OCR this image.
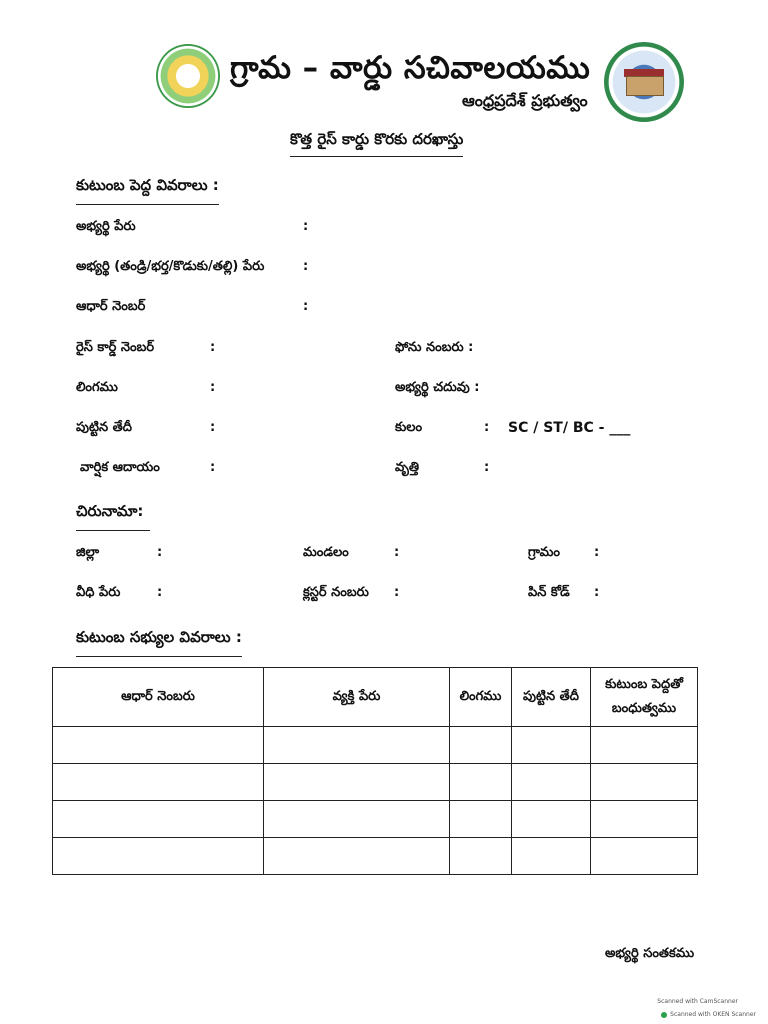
గ్రామ – వార్డు సచివాలయము
ఆంధ్రప్రదేశ్ ప్రభుత్వం
కొత్త రైస్ కార్డు కొరకు దరఖాస్తు
కుటుంబ పెద్ద వివరాలు :
అభ్యర్థి పేరు	:
అభ్యర్థి (తండ్రి/భర్త/కొడుకు/తల్లి) పేరు	:
ఆధార్ నెంబర్	:
రైస్ కార్డ్ నెంబర్	:	ఫోను నంబరు :
లింగము	:	అభ్యర్థి చదువు :
పుట్టిన తేదీ	:	కులం	: SC / ST/ BC - ___
వార్షిక ఆదాయం	:	వృత్తి	:
చిరునామా:
జిల్లా	:	మండలం	:	గ్రామం	:
వీధి పేరు	:	క్లస్టర్ నంబరు :	పిన్ కోడ్ :
కుటుంబ సభ్యుల వివరాలు :
ఆధార్ నెంబరు	వ్యక్తి పేరు	లింగము	పుట్టిన తేదీ	కుటుంబ పెద్దతో
బంధుత్వము

అభ్యర్థి సంతకము
Scanned with CamScanner
Scanned with OKEN Scanner
